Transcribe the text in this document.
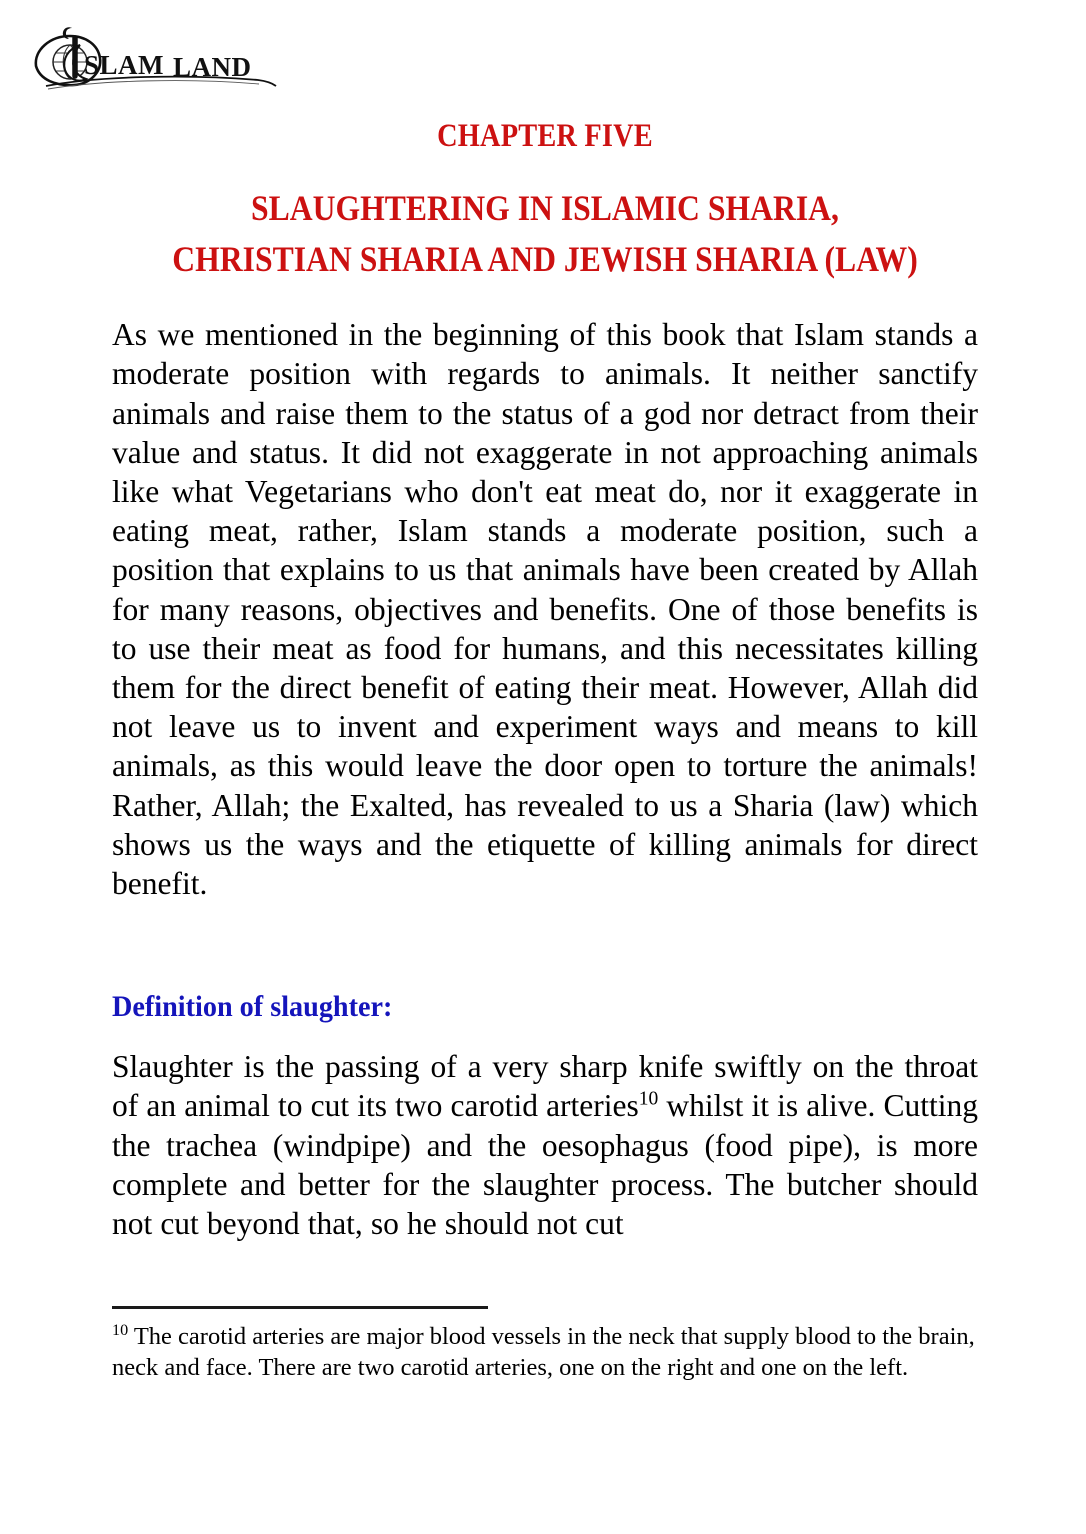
SLAM LAND
CHAPTER FIVE
SLAUGHTERING IN ISLAMIC SHARIA, CHRISTIAN SHARIA AND JEWISH SHARIA (LAW)

As we mentioned in the beginning of this book that Islam stands a moderate position with regards to animals. It neither sanctify animals and raise them to the status of a god nor detract from their value and status. It did not exaggerate in not approaching animals like what Vegetarians who don't eat meat do, nor it exaggerate in eating meat, rather, Islam stands a moderate position, such a position that explains to us that animals have been created by Allah for many reasons, objectives and benefits. One of those benefits is to use their meat as food for humans, and this necessitates killing them for the direct benefit of eating their meat. However, Allah did not leave us to invent and experiment ways and means to kill animals, as this would leave the door open to torture the animals! Rather, Allah; the Exalted, has revealed to us a Sharia (law) which shows us the ways and the etiquette of killing animals for direct benefit.

Definition of slaughter:

Slaughter is the passing of a very sharp knife swiftly on the throat of an animal to cut its two carotid arteries$^{10}$ whilst it is alive. Cutting the trachea (windpipe) and the oesophagus (food pipe), is more complete and better for the slaughter process. The butcher should not cut beyond that, so he should not cut

$^{10}$ The carotid arteries are major blood vessels in the neck that supply blood to the brain, neck and face. There are two carotid arteries, one on the right and one on the left.
